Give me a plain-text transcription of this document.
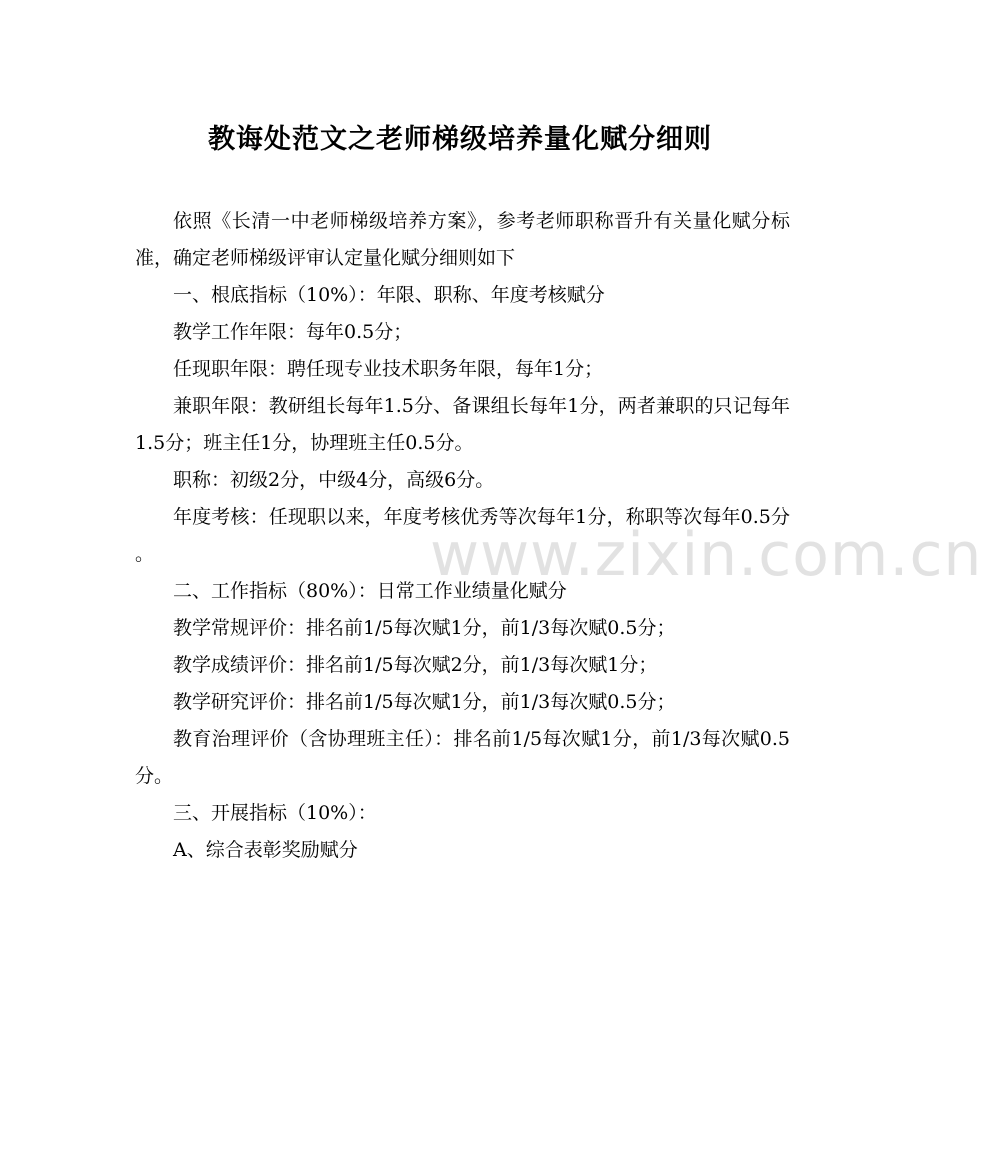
教诲处范文之老师梯级培养量化赋分细则

依照《长清一中老师梯级培养方案》，参考老师职称晋升有关量化赋分标准，确定老师梯级评审认定量化赋分细则如下

一、根底指标（10%）：年限、职称、年度考核赋分

教学工作年限：每年0.5分；

任现职年限：聘任现专业技术职务年限，每年1分；

兼职年限：教研组长每年1.5分、备课组长每年1分，两者兼职的只记每年1.5分；班主任1分，协理班主任0.5分。

职称：初级2分，中级4分，高级6分。

年度考核：任现职以来，年度考核优秀等次每年1分，称职等次每年0.5分 。

二、工作指标（80%）：日常工作业绩量化赋分

教学常规评价：排名前1/5每次赋1分，前1/3每次赋0.5分；

教学成绩评价：排名前1/5每次赋2分，前1/3每次赋1分；

教学研究评价：排名前1/5每次赋1分，前1/3每次赋0.5分；

教育治理评价（含协理班主任）：排名前1/5每次赋1分，前1/3每次赋0.5分。

三、开展指标（10%）：

A、综合表彰奖励赋分

www.zixin.com.cn
